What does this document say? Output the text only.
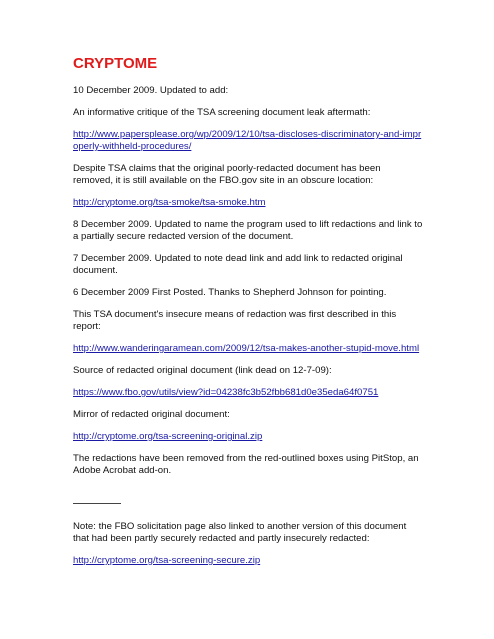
CRYPTOME

10 December 2009. Updated to add:

An informative critique of the TSA screening document leak aftermath:

http://www.papersplease.org/wp/2009/12/10/tsa-discloses-discriminatory-and-improperly-withheld-procedures/

Despite TSA claims that the original poorly-redacted document has been removed, it is still available on the FBO.gov site in an obscure location:

http://cryptome.org/tsa-smoke/tsa-smoke.htm

8 December 2009. Updated to name the program used to lift redactions and link to a partially secure redacted version of the document.

7 December 2009. Updated to note dead link and add link to redacted original document.

6 December 2009 First Posted. Thanks to Shepherd Johnson for pointing.

This TSA document's insecure means of redaction was first described in this report:

http://www.wanderingaramean.com/2009/12/tsa-makes-another-stupid-move.html

Source of redacted original document (link dead on 12-7-09):

https://www.fbo.gov/utils/view?id=04238fc3b52fbb681d0e35eda64f0751

Mirror of redacted original document:

http://cryptome.org/tsa-screening-original.zip

The redactions have been removed from the red-outlined boxes using PitStop, an Adobe Acrobat add-on.

Note: the FBO solicitation page also linked to another version of this document that had been partly securely redacted and partly insecurely redacted:

http://cryptome.org/tsa-screening-secure.zip
